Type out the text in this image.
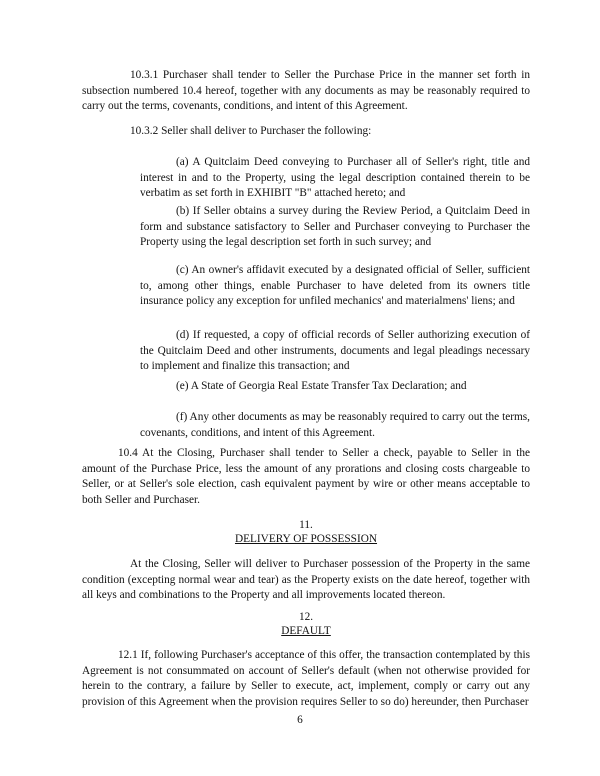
10.3.1 Purchaser shall tender to Seller the Purchase Price in the manner set forth in subsection numbered 10.4 hereof, together with any documents as may be reasonably required to carry out the terms, covenants, conditions, and intent of this Agreement.

10.3.2 Seller shall deliver to Purchaser the following:

(a) A Quitclaim Deed conveying to Purchaser all of Seller's right, title and interest in and to the Property, using the legal description contained therein to be verbatim as set forth in EXHIBIT "B" attached hereto; and

(b) If Seller obtains a survey during the Review Period, a Quitclaim Deed in form and substance satisfactory to Seller and Purchaser conveying to Purchaser the Property using the legal description set forth in such survey; and

(c) An owner's affidavit executed by a designated official of Seller, sufficient to, among other things, enable Purchaser to have deleted from its owners title insurance policy any exception for unfiled mechanics' and materialmens' liens; and

(d) If requested, a copy of official records of Seller authorizing execution of the Quitclaim Deed and other instruments, documents and legal pleadings necessary to implement and finalize this transaction; and

(e) A State of Georgia Real Estate Transfer Tax Declaration; and

(f) Any other documents as may be reasonably required to carry out the terms, covenants, conditions, and intent of this Agreement.

10.4 At the Closing, Purchaser shall tender to Seller a check, payable to Seller in the amount of the Purchase Price, less the amount of any prorations and closing costs chargeable to Seller, or at Seller's sole election, cash equivalent payment by wire or other means acceptable to both Seller and Purchaser.

11.
DELIVERY OF POSSESSION

At the Closing, Seller will deliver to Purchaser possession of the Property in the same condition (excepting normal wear and tear) as the Property exists on the date hereof, together with all keys and combinations to the Property and all improvements located thereon.

12.
DEFAULT

12.1 If, following Purchaser's acceptance of this offer, the transaction contemplated by this Agreement is not consummated on account of Seller's default (when not otherwise provided for herein to the contrary, a failure by Seller to execute, act, implement, comply or carry out any provision of this Agreement when the provision requires Seller to so do) hereunder, then Purchaser

6
